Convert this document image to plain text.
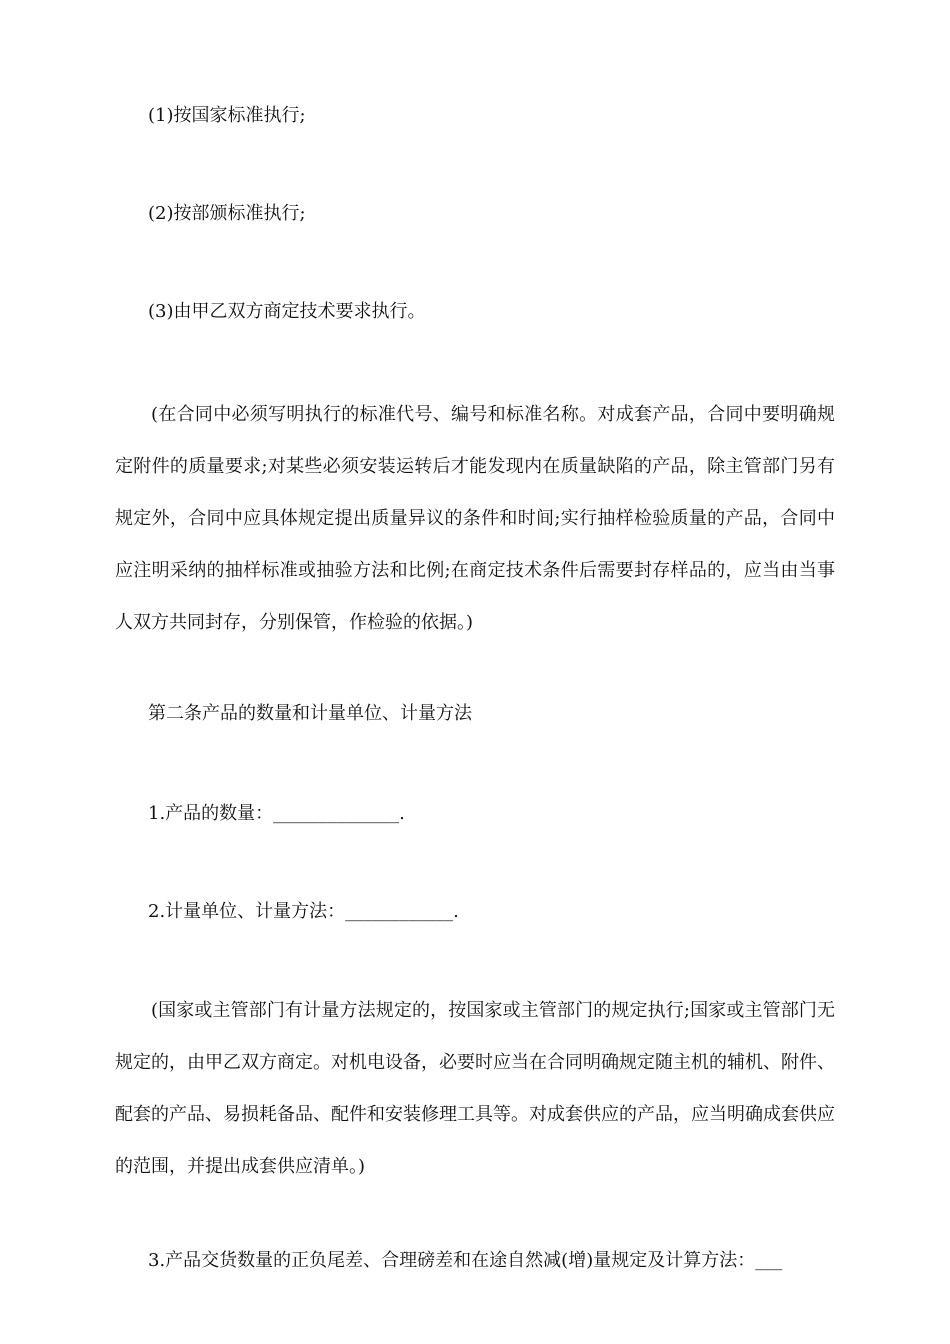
(1)按国家标准执行;

(2)按部颁标准执行;

(3)由甲乙双方商定技术要求执行。

(在合同中必须写明执行的标准代号、编号和标准名称。对成套产品，合同中要明确规定附件的质量要求;对某些必须安装运转后才能发现内在质量缺陷的产品，除主管部门另有规定外，合同中应具体规定提出质量异议的条件和时间;实行抽样检验质量的产品，合同中应注明采纳的抽样标准或抽验方法和比例;在商定技术条件后需要封存样品的，应当由当事人双方共同封存，分别保管，作检验的依据。)

第二条产品的数量和计量单位、计量方法

1.产品的数量：______________.

2.计量单位、计量方法：____________.

(国家或主管部门有计量方法规定的，按国家或主管部门的规定执行;国家或主管部门无规定的，由甲乙双方商定。对机电设备，必要时应当在合同明确规定随主机的辅机、附件、配套的产品、易损耗备品、配件和安装修理工具等。对成套供应的产品，应当明确成套供应的范围，并提出成套供应清单。)

3.产品交货数量的正负尾差、合理磅差和在途自然减(增)量规定及计算方法：___
